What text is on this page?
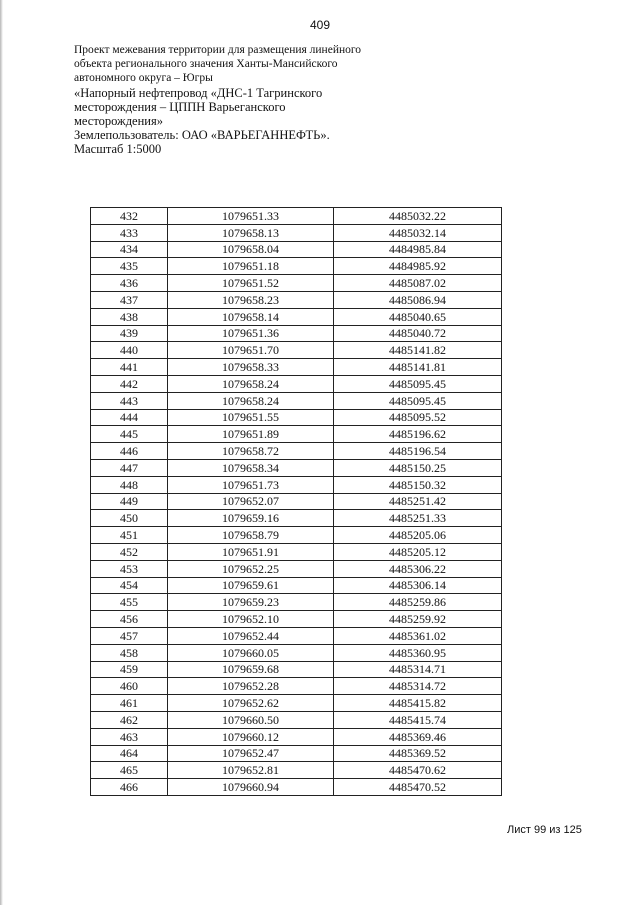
409
Проект межевания территории для размещения линейного
объекта регионального значения Ханты-Мансийского
автономного округа – Югры
«Напорный нефтепровод «ДНС-1 Тагринского
месторождения – ЦППН Варьеганского
месторождения»
Землепользователь: ОАО «ВАРЬЕГАННЕФТЬ».
Масштаб 1:5000
432	1079651.33	4485032.22
433	1079658.13	4485032.14
434	1079658.04	4484985.84
435	1079651.18	4484985.92
436	1079651.52	4485087.02
437	1079658.23	4485086.94
438	1079658.14	4485040.65
439	1079651.36	4485040.72
440	1079651.70	4485141.82
441	1079658.33	4485141.81
442	1079658.24	4485095.45
443	1079658.24	4485095.45
444	1079651.55	4485095.52
445	1079651.89	4485196.62
446	1079658.72	4485196.54
447	1079658.34	4485150.25
448	1079651.73	4485150.32
449	1079652.07	4485251.42
450	1079659.16	4485251.33
451	1079658.79	4485205.06
452	1079651.91	4485205.12
453	1079652.25	4485306.22
454	1079659.61	4485306.14
455	1079659.23	4485259.86
456	1079652.10	4485259.92
457	1079652.44	4485361.02
458	1079660.05	4485360.95
459	1079659.68	4485314.71
460	1079652.28	4485314.72
461	1079652.62	4485415.82
462	1079660.50	4485415.74
463	1079660.12	4485369.46
464	1079652.47	4485369.52
465	1079652.81	4485470.62
466	1079660.94	4485470.52
Лист 99 из 125
